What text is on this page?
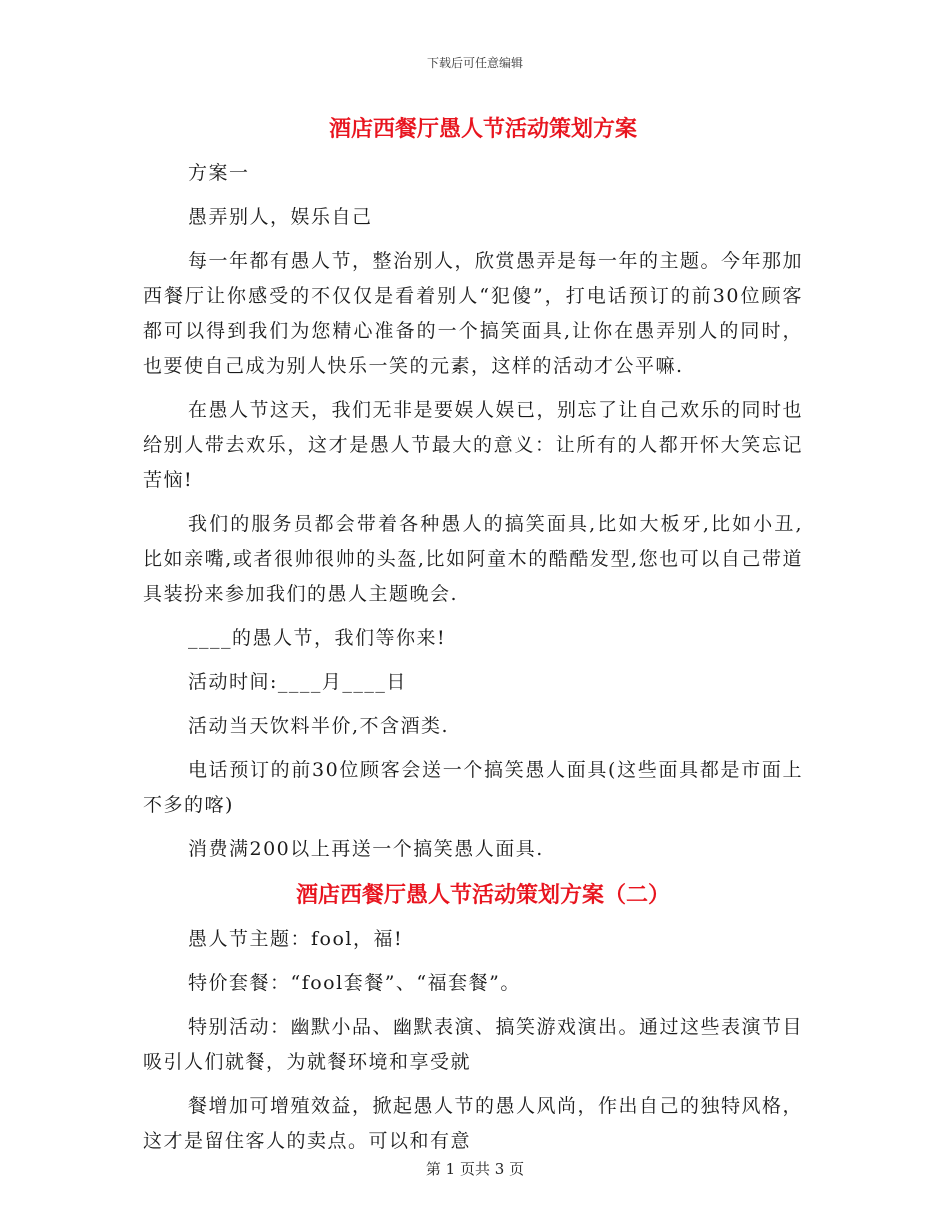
下载后可任意编辑
酒店西餐厅愚人节活动策划方案

方案一

愚弄别人，娱乐自己

每一年都有愚人节，整治别人，欣赏愚弄是每一年的主题。今年那加西餐厅让你感受的不仅仅是看着别人“犯傻”，打电话预订的前30位顾客都可以得到我们为您精心准备的一个搞笑面具,让你在愚弄别人的同时，也要使自己成为别人快乐一笑的元素，这样的活动才公平嘛.

在愚人节这天，我们无非是要娱人娱已，别忘了让自己欢乐的同时也给别人带去欢乐，这才是愚人节最大的意义：让所有的人都开怀大笑忘记苦恼!

我们的服务员都会带着各种愚人的搞笑面具,比如大板牙,比如小丑,比如亲嘴,或者很帅很帅的头盔,比如阿童木的酷酷发型,您也可以自己带道具装扮来参加我们的愚人主题晚会.

____的愚人节，我们等你来!

活动时间:____月____日

活动当天饮料半价,不含酒类.

电话预订的前30位顾客会送一个搞笑愚人面具(这些面具都是市面上不多的喀)

消费满200以上再送一个搞笑愚人面具.

酒店西餐厅愚人节活动策划方案（二）

愚人节主题：fool，福!

特价套餐：“fool套餐”、“福套餐”。

特别活动：幽默小品、幽默表演、搞笑游戏演出。通过这些表演节目吸引人们就餐，为就餐环境和享受就

餐增加可增殖效益，掀起愚人节的愚人风尚，作出自己的独特风格，这才是留住客人的卖点。可以和有意

第 1 页共 3 页
